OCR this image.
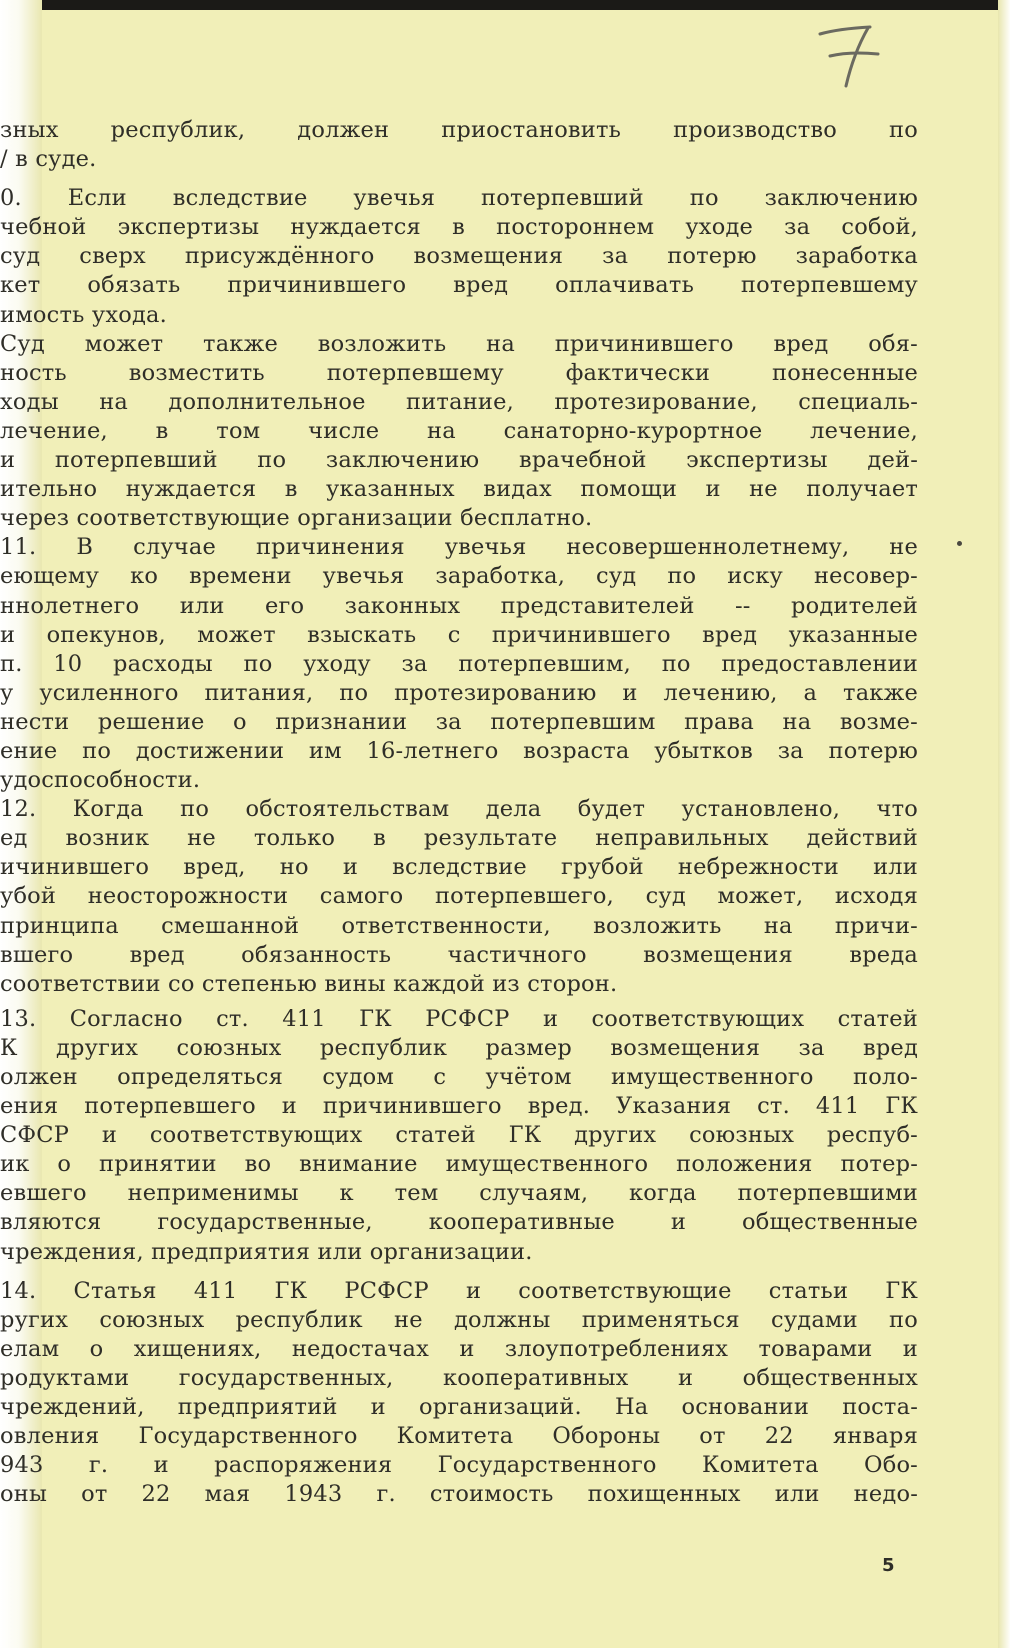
зных республик, должен приостановить производство по
/ в суде.
0. Если вследствие увечья потерпевший по заключению
чебной экспертизы нуждается в постороннем уходе за собой,
суд сверх присуждённого возмещения за потерю заработка
кет обязать причинившего вред оплачивать потерпевшему
имость ухода.
Суд может также возложить на причинившего вред обя-
ность возместить потерпевшему фактически понесенные
ходы на дополнительное питание, протезирование, специаль-
лечение, в том числе на санаторно-курортное лечение,
и потерпевший по заключению врачебной экспертизы дей-
ительно нуждается в указанных видах помощи и не получает
через соответствующие организации бесплатно.
11. В случае причинения увечья несовершеннолетнему, не
еющему ко времени увечья заработка, суд по иску несовер-
ннолетнего или его законных представителей -- родителей
и опекунов, может взыскать с причинившего вред указанные
п. 10 расходы по уходу за потерпевшим, по предоставлении
у усиленного питания, по протезированию и лечению, а также
нести решение о признании за потерпевшим права на возме-
ение по достижении им 16-летнего возраста убытков за потерю
удоспособности.
12. Когда по обстоятельствам дела будет установлено, что
ед возник не только в результате неправильных действий
ичинившего вред, но и вследствие грубой небрежности или
убой неосторожности самого потерпевшего, суд может, исходя
принципа смешанной ответственности, возложить на причи-
вшего вред обязанность частичного возмещения вреда
соответствии со степенью вины каждой из сторон.
13. Согласно ст. 411 ГК РСФСР и соответствующих статей
К других союзных республик размер возмещения за вред
олжен определяться судом с учётом имущественного поло-
ения потерпевшего и причинившего вред. Указания ст. 411 ГК
СФСР и соответствующих статей ГК других союзных респуб-
ик о принятии во внимание имущественного положения потер-
евшего неприменимы к тем случаям, когда потерпевшими
вляются государственные, кооперативные и общественные
чреждения, предприятия или организации.
14. Статья 411 ГК РСФСР и соответствующие статьи ГК
ругих союзных республик не должны применяться судами по
елам о хищениях, недостачах и злоупотреблениях товарами и
родуктами государственных, кооперативных и общественных
чреждений, предприятий и организаций. На основании поста-
овления Государственного Комитета Обороны от 22 января
943 г. и распоряжения Государственного Комитета Обо-
оны от 22 мая 1943 г. стоимость похищенных или недо-
5
